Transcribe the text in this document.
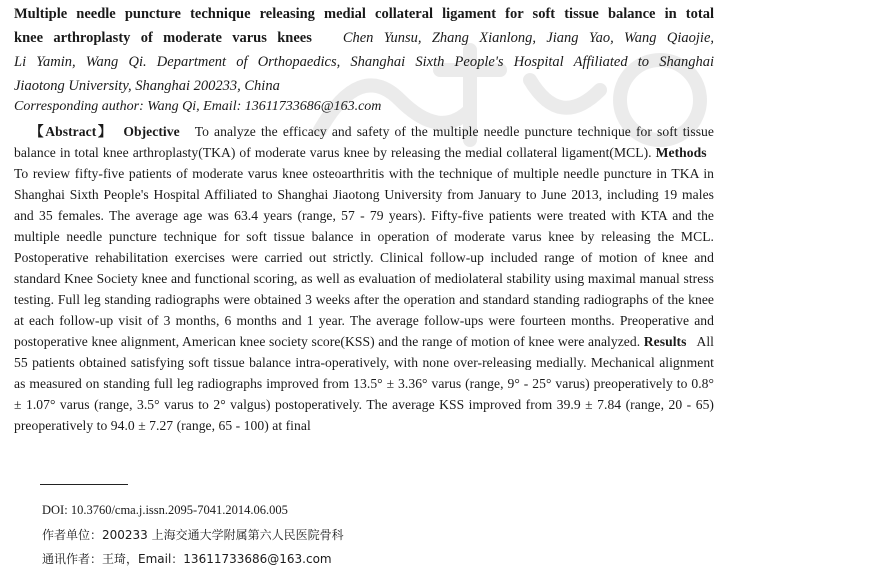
Multiple needle puncture technique releasing medial collateral ligament for soft tissue balance in total
knee arthroplasty of moderate varus knees Chen Yunsu, Zhang Xianlong, Jiang Yao, Wang Qiaojie,
Li Yamin, Wang Qi. Department of Orthopaedics, Shanghai Sixth People's Hospital Affiliated to Shanghai
Jiaotong University, Shanghai 200233, China
Corresponding author: Wang Qi, Email: 13611733686@163.com
【Abstract】 Objective To analyze the efficacy and safety of the multiple needle puncture technique for soft tissue balance in total knee arthroplasty(TKA) of moderate varus knee by releasing the medial collateral ligament(MCL). Methods   To review fifty-five patients of moderate varus knee osteoarthritis with the technique of multiple needle puncture in TKA in Shanghai Sixth People's Hospital Affiliated to Shanghai Jiaotong University from January to June 2013, including 19 males and 35 females. The average age was 63.4 years (range, 57 - 79 years). Fifty-five patients were treated with KTA and the multiple needle puncture technique for soft tissue balance in operation of moderate varus knee by releasing the MCL. Postoperative rehabilitation exercises were carried out strictly. Clinical follow-up included range of motion of knee and standard Knee Society knee and functional scoring, as well as evaluation of mediolateral stability using maximal manual stress testing. Full leg standing radiographs were obtained 3 weeks after the operation and standard standing radiographs of the knee at each follow-up visit of 3 months, 6 months and 1 year. The average follow-ups were fourteen months. Preoperative and postoperative knee alignment, American knee society score(KSS) and the range of motion of knee were analyzed. Results All 55 patients obtained satisfying soft tissue balance intra-operatively, with none over-releasing medially. Mechanical alignment as measured on standing full leg radiographs improved from 13.5° ± 3.36° varus (range, 9° - 25° varus) preoperatively to 0.8° ± 1.07° varus (range, 3.5° varus to 2° valgus) postoperatively. The average KSS improved from 39.9 ± 7.84 (range, 20 - 65) preoperatively to 94.0 ± 7.27 (range, 65 - 100) at final
DOI: 10.3760/cma.j.issn.2095-7041.2014.06.005
作者单位：200233 上海交通大学附属第六人民医院骨科
通讯作者：王琦，Email：13611733686@163.com
